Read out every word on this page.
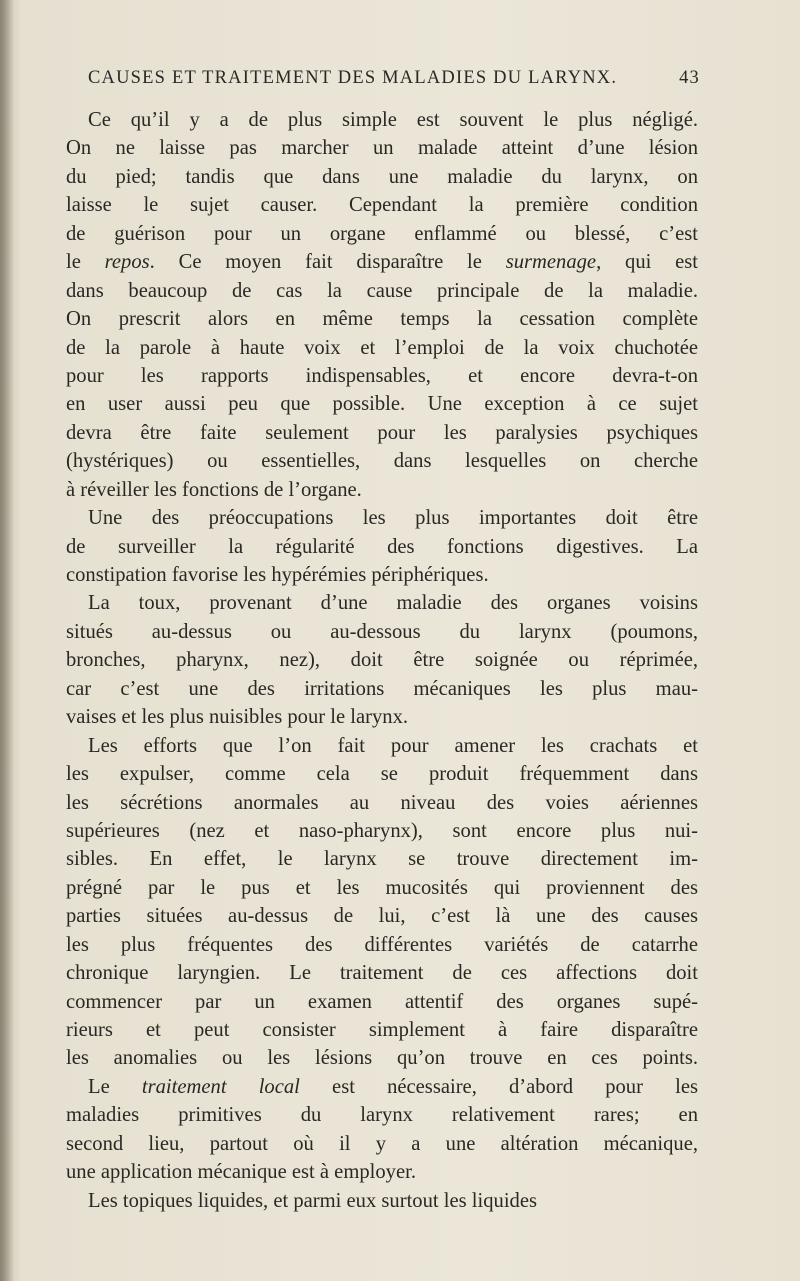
CAUSES ET TRAITEMENT DES MALADIES DU LARYNX.	43
Ce qu’il y a de plus simple est souvent le plus négligé.
On ne laisse pas marcher un malade atteint d’une lésion
du pied; tandis que dans une maladie du larynx, on
laisse le sujet causer. Cependant la première condition
de guérison pour un organe enflammé ou blessé, c’est
le repos. Ce moyen fait disparaître le surmenage, qui est
dans beaucoup de cas la cause principale de la maladie.
On prescrit alors en même temps la cessation complète
de la parole à haute voix et l’emploi de la voix chuchotée
pour les rapports indispensables, et encore devra-t-on
en user aussi peu que possible. Une exception à ce sujet
devra être faite seulement pour les paralysies psychiques
(hystériques) ou essentielles, dans lesquelles on cherche
à réveiller les fonctions de l’organe.
Une des préoccupations les plus importantes doit être
de surveiller la régularité des fonctions digestives. La
constipation favorise les hypérémies périphériques.
La toux, provenant d’une maladie des organes voisins
situés au-dessus ou au-dessous du larynx (poumons,
bronches, pharynx, nez), doit être soignée ou réprimée,
car c’est une des irritations mécaniques les plus mau-
vaises et les plus nuisibles pour le larynx.
Les efforts que l’on fait pour amener les crachats et
les expulser, comme cela se produit fréquemment dans
les sécrétions anormales au niveau des voies aériennes
supérieures (nez et naso-pharynx), sont encore plus nui-
sibles. En effet, le larynx se trouve directement im-
prégné par le pus et les mucosités qui proviennent des
parties situées au-dessus de lui, c’est là une des causes
les plus fréquentes des différentes variétés de catarrhe
chronique laryngien. Le traitement de ces affections doit
commencer par un examen attentif des organes supé-
rieurs et peut consister simplement à faire disparaître
les anomalies ou les lésions qu’on trouve en ces points.
Le traitement local est nécessaire, d’abord pour les
maladies primitives du larynx relativement rares; en
second lieu, partout où il y a une altération mécanique,
une application mécanique est à employer.
Les topiques liquides, et parmi eux surtout les liquides
